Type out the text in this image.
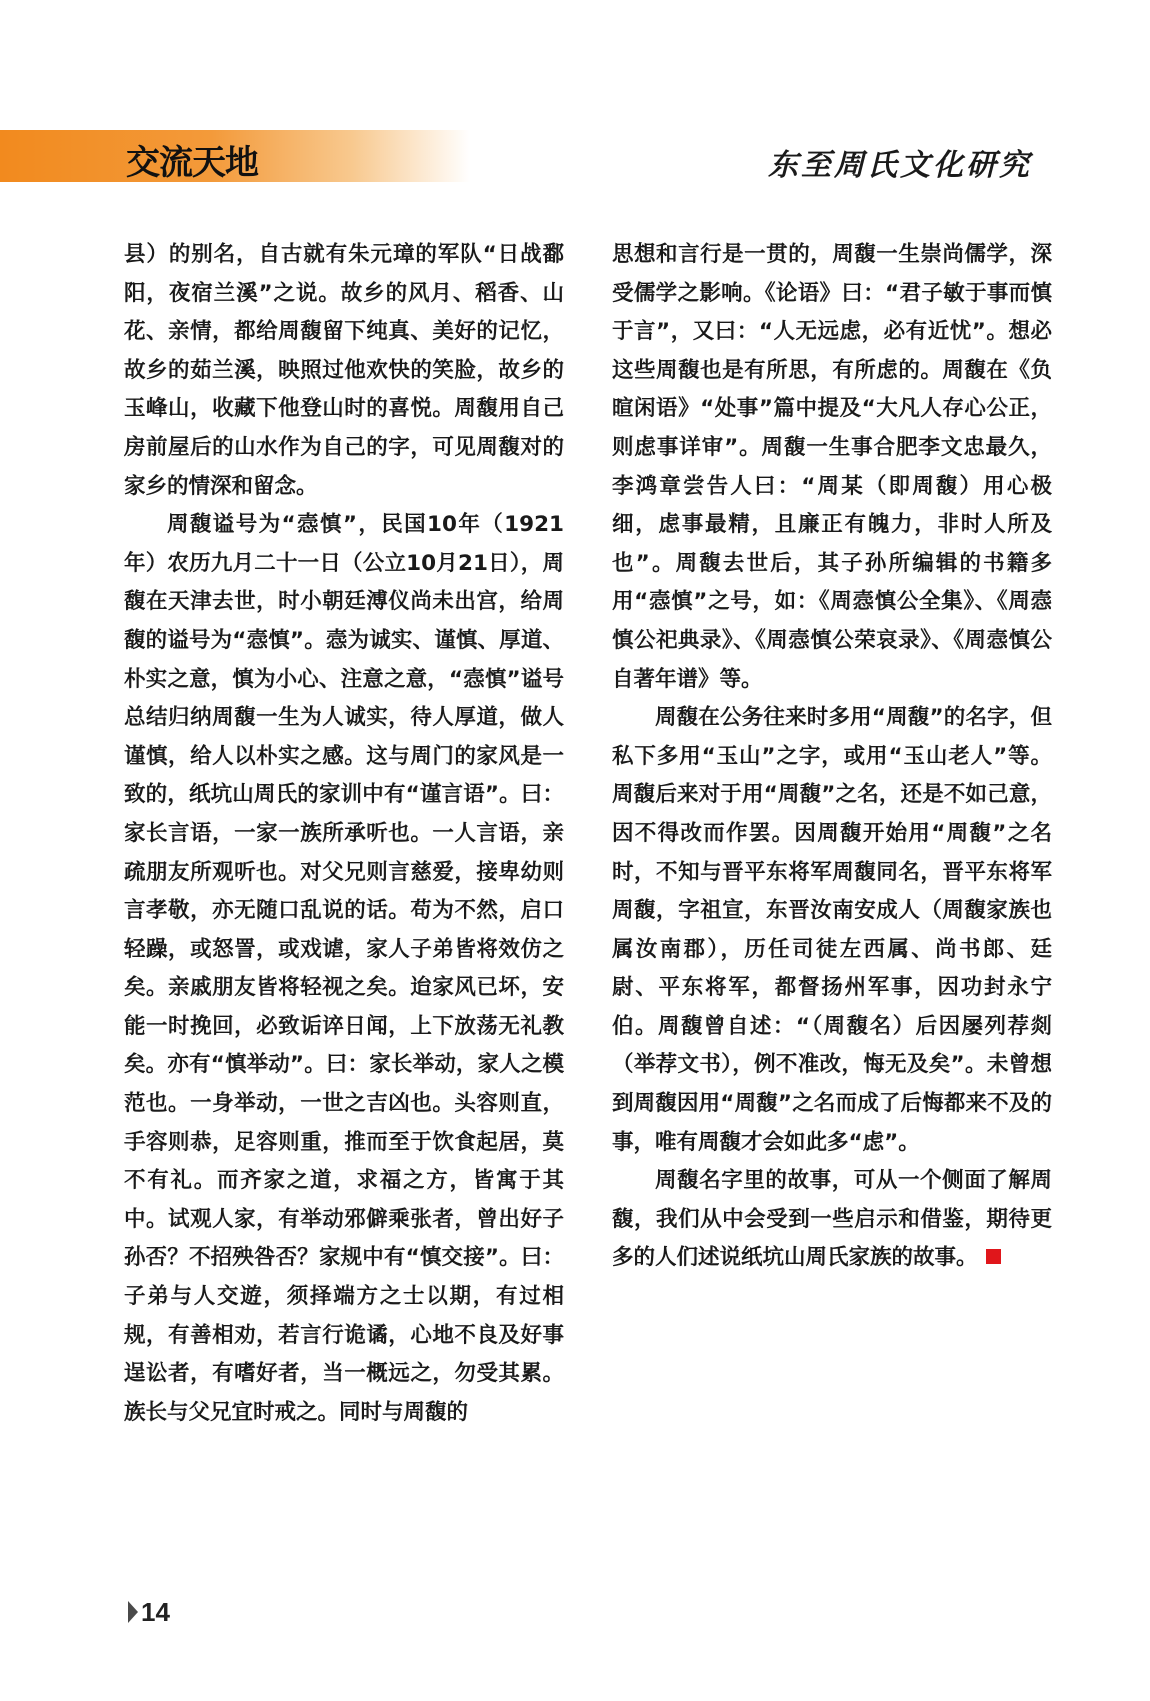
交流天地	东至周氏文化研究

县）的别名，自古就有朱元璋的军队“日战鄱阳，夜宿兰溪”之说。故乡的风月、稻香、山花、亲情，都给周馥留下纯真、美好的记忆，故乡的茹兰溪，映照过他欢快的笑脸，故乡的玉峰山，收藏下他登山时的喜悦。周馥用自己房前屋后的山水作为自己的字，可见周馥对的家乡的情深和留念。

周馥谥号为“悫慎”，民国10年（1921年）农历九月二十一日（公立10月21日），周馥在天津去世，时小朝廷溥仪尚未出宫，给周馥的谥号为“悫慎”。悫为诚实、谨慎、厚道、朴实之意，慎为小心、注意之意，“悫慎”谥号总结归纳周馥一生为人诚实，待人厚道，做人谨慎，给人以朴实之感。这与周门的家风是一致的，纸坑山周氏的家训中有“谨言语”。曰：家长言语，一家一族所承听也。一人言语，亲疏朋友所观听也。对父兄则言慈爱，接卑幼则言孝敬，亦无随口乱说的话。苟为不然，启口轻躁，或怒詈，或戏谑，家人子弟皆将效仿之矣。亲戚朋友皆将轻视之矣。迨家风已坏，安能一时挽回，必致诟谇日闻，上下放荡无礼教矣。亦有“慎举动”。曰：家长举动，家人之模范也。一身举动，一世之吉凶也。头容则直，手容则恭，足容则重，推而至于饮食起居，莫不有礼。而齐家之道，求福之方，皆寓于其中。试观人家，有举动邪僻乘张者，曾出好子孙否？不招殃咎否？家规中有“慎交接”。曰：子弟与人交遊，须择端方之士以期，有过相规，有善相劝，若言行诡谲，心地不良及好事逞讼者，有嗜好者，当一概远之，勿受其累。族长与父兄宜时戒之。同时与周馥的

思想和言行是一贯的，周馥一生崇尚儒学，深受儒学之影响。《论语》曰：“君子敏于事而慎于言”，又曰：“人无远虑，必有近忧”。想必这些周馥也是有所思，有所虑的。周馥在《负暄闲语》“处事”篇中提及“大凡人存心公正，则虑事详审”。周馥一生事合肥李文忠最久，李鸿章尝告人曰：“周某（即周馥）用心极细，虑事最精，且廉正有魄力，非时人所及也”。周馥去世后，其子孙所编辑的书籍多用“悫慎”之号，如：《周悫慎公全集》、《周悫慎公祀典录》、《周悫慎公荣哀录》、《周悫慎公自著年谱》等。

周馥在公务往来时多用“周馥”的名字，但私下多用“玉山”之字，或用“玉山老人”等。周馥后来对于用“周馥”之名，还是不如己意，因不得改而作罢。因周馥开始用“周馥”之名时，不知与晋平东将军周馥同名，晋平东将军周馥，字祖宣，东晋汝南安成人（周馥家族也属汝南郡），历任司徒左西属、尚书郎、廷尉、平东将军，都督扬州军事，因功封永宁伯。周馥曾自述：“（周馥名）后因屡列荐剡（举荐文书），例不准改，悔无及矣”。未曾想到周馥因用“周馥”之名而成了后悔都来不及的事，唯有周馥才会如此多“虑”。

周馥名字里的故事，可从一个侧面了解周馥，我们从中会受到一些启示和借鉴，期待更多的人们述说纸坑山周氏家族的故事。

14
